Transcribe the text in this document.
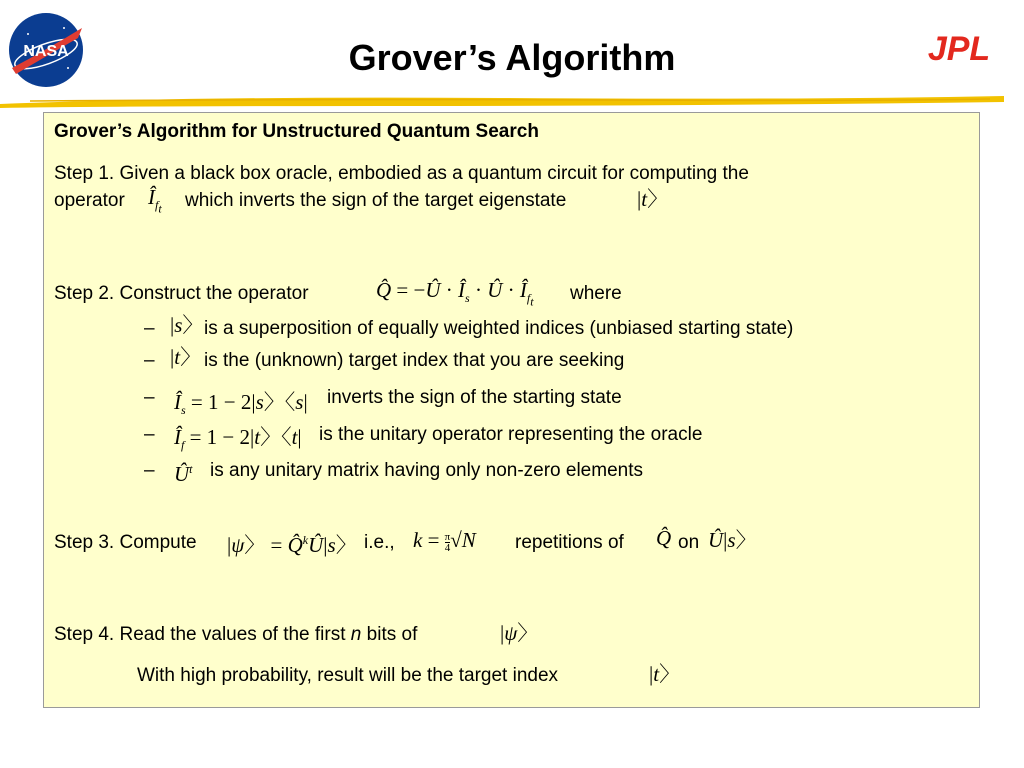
NASA	Grover’s Algorithm	JPL
Grover’s Algorithm for Unstructured Quantum Search
Step 1. Given a black box oracle, embodied as a quantum circuit for computing the
operator $Î_{f_t}$ which inverts the sign of the target eigenstate	|t〉
Step 2. Construct the operator	Q̂ = −Û · $Î_s$ · Û · $Î_{f_t}$ where
– |s〉 is a superposition of equally weighted indices (unbiased starting state)
– |t〉 is the (unknown) target index that you are seeking
– $Î_s = 1 - 2|s$〉〈s| inverts the sign of the starting state
– $Î_f = 1 - 2|t$〉〈t| is the unitary operator representing the oracle
– $Û^t$ is any unitary matrix having only non-zero elements
Step 3. Compute |ψ〉 = Q̂$^k$Û|s〉 i.e., $k = \frac{\pi}{4}√N$ repetitions of Q̂ on Û|s〉
Step 4. Read the values of the first n bits of	|ψ〉
With high probability, result will be the target index	|t〉
